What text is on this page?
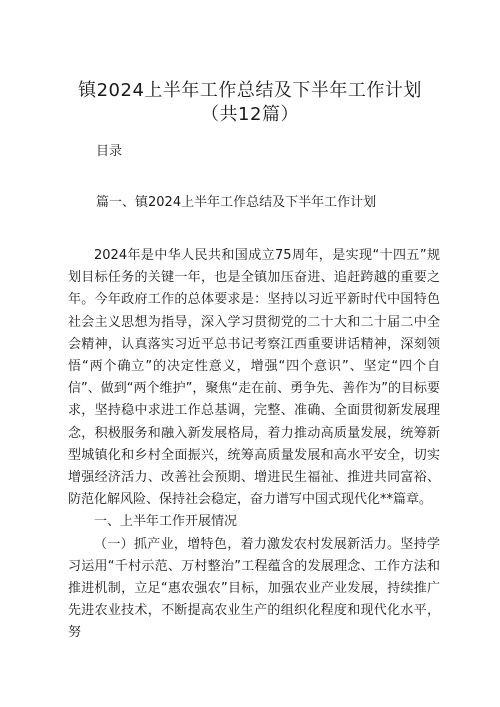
镇2024上半年工作总结及下半年工作计划
（共12篇）
目录
篇一、镇2024上半年工作总结及下半年工作计划

2024年是中华人民共和国成立75周年，是实现“十四五”规划目标任务的关键一年，也是全镇加压奋进、追赶跨越的重要之年。今年政府工作的总体要求是：坚持以习近平新时代中国特色社会主义思想为指导，深入学习贯彻党的二十大和二十届二中全会精神，认真落实习近平总书记考察江西重要讲话精神，深刻领悟“两个确立”的决定性意义，增强“四个意识”、坚定“四个自信”、做到“两个维护”，聚焦“走在前、勇争先、善作为”的目标要求，坚持稳中求进工作总基调，完整、准确、全面贯彻新发展理念，积极服务和融入新发展格局，着力推动高质量发展，统筹新型城镇化和乡村全面振兴，统筹高质量发展和高水平安全，切实增强经济活力、改善社会预期、增进民生福祉、推进共同富裕、防范化解风险、保持社会稳定，奋力谱写中国式现代化**篇章。

一、上半年工作开展情况

（一）抓产业，增特色，着力激发农村发展新活力。坚持学习运用“千村示范、万村整治”工程蕴含的发展理念、工作方法和推进机制，立足“惠农强农”目标，加强农业产业发展，持续推广先进农业技术，不断提高农业生产的组织化程度和现代化水平，努
